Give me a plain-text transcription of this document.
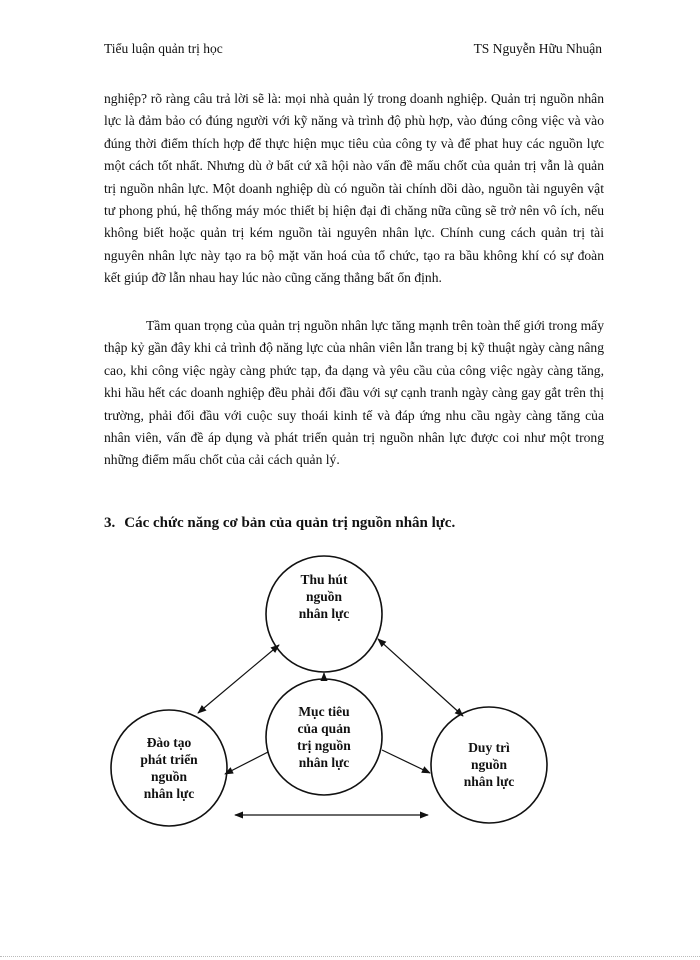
Tiểu luận quản trị học	TS Nguyễn Hữu Nhuận

nghiệp? rõ ràng câu trả lời sẽ là: mọi nhà quản lý trong doanh nghiệp. Quản trị nguồn nhân lực là đảm bảo có đúng người với kỹ năng và trình độ phù hợp, vào đúng công việc và vào đúng thời điểm thích hợp để thực hiện mục tiêu của công ty và để phat huy các nguồn lực một cách tốt nhất. Nhưng dù ở bất cứ xã hội nào vấn đề mấu chốt của quản trị vẫn là quản trị nguồn nhân lực. Một doanh nghiệp dù có nguồn tài chính dồi dào, nguồn tài nguyên vật tư phong phú, hệ thống máy móc thiết bị hiện đại đi chăng nữa cũng sẽ trở nên vô ích, nếu không biết hoặc quản trị kém nguồn tài nguyên nhân lực. Chính cung cách quản trị tài nguyên nhân lực này tạo ra bộ mặt văn hoá của tổ chức, tạo ra bầu không khí có sự đoàn kết giúp đỡ lẫn nhau hay lúc nào cũng căng thẳng bất ổn định.

Tầm quan trọng của quản trị nguồn nhân lực tăng mạnh trên toàn thế giới trong mấy thập kỷ gần đây khi cả trình độ năng lực của nhân viên lẫn trang bị kỹ thuật ngày càng nâng cao, khi công việc ngày càng phức tạp, đa dạng và yêu cầu của công việc ngày càng tăng, khi hầu hết các doanh nghiệp đều phải đối đầu với sự cạnh tranh ngày càng gay gắt trên thị trường, phải đối đầu với cuộc suy thoái kinh tế và đáp ứng nhu cầu ngày càng tăng của nhân viên, vấn đề áp dụng và phát triển quản trị nguồn nhân lực được coi như một trong những điểm mấu chốt của cải cách quản lý.

3. Các chức năng cơ bản của quản trị nguồn nhân lực.
Thu hút
nguồn
nhân lực
Mục tiêu
của quản
trị nguồn
nhân lực
Đào tạo
phát triển
nguồn
nhân lực
Duy trì
nguồn
nhân lực
